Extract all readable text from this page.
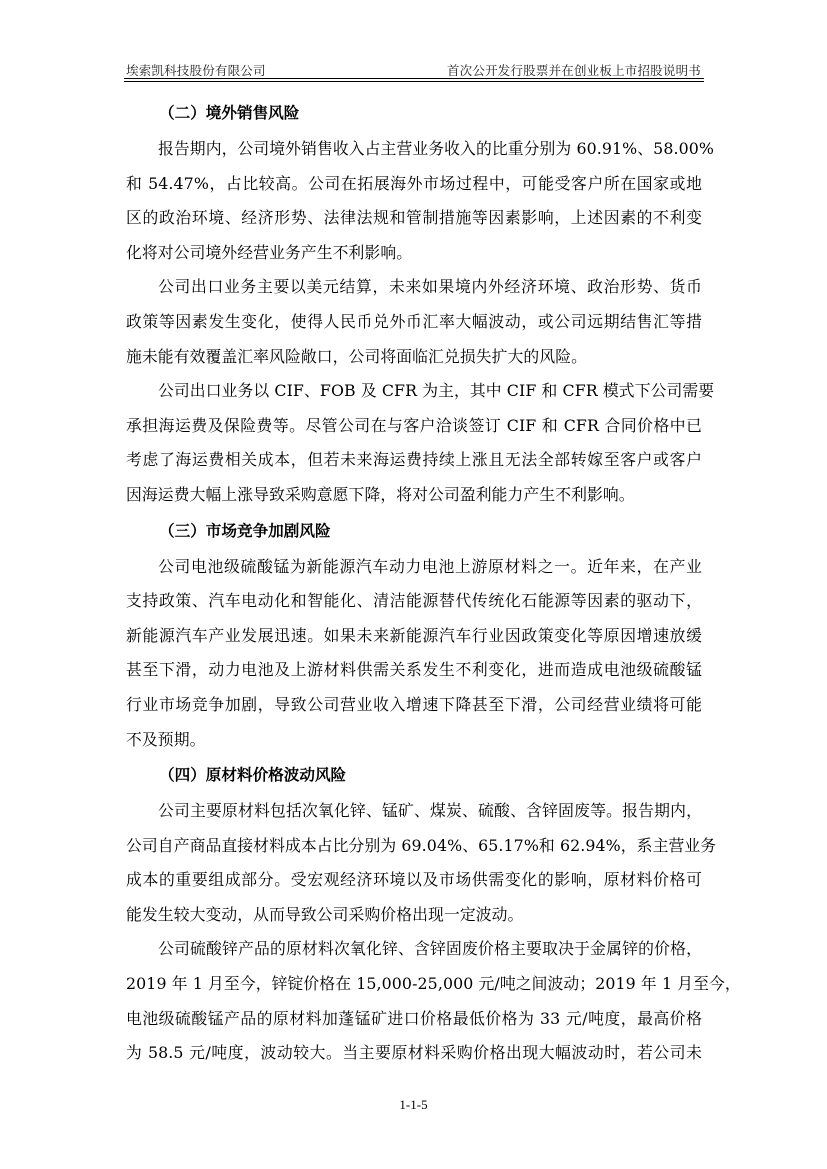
埃索凯科技股份有限公司	首次公开发行股票并在创业板上市招股说明书
（二）境外销售风险
报告期内，公司境外销售收入占主营业务收入的比重分别为 60.91%、58.00%
和 54.47%，占比较高。公司在拓展海外市场过程中，可能受客户所在国家或地
区的政治环境、经济形势、法律法规和管制措施等因素影响，上述因素的不利变
化将对公司境外经营业务产生不利影响。
公司出口业务主要以美元结算，未来如果境内外经济环境、政治形势、货币
政策等因素发生变化，使得人民币兑外币汇率大幅波动，或公司远期结售汇等措
施未能有效覆盖汇率风险敞口，公司将面临汇兑损失扩大的风险。
公司出口业务以 CIF、FOB 及 CFR 为主，其中 CIF 和 CFR 模式下公司需要
承担海运费及保险费等。尽管公司在与客户洽谈签订 CIF 和 CFR 合同价格中已
考虑了海运费相关成本，但若未来海运费持续上涨且无法全部转嫁至客户或客户
因海运费大幅上涨导致采购意愿下降，将对公司盈利能力产生不利影响。
（三）市场竞争加剧风险
公司电池级硫酸锰为新能源汽车动力电池上游原材料之一。近年来，在产业
支持政策、汽车电动化和智能化、清洁能源替代传统化石能源等因素的驱动下，
新能源汽车产业发展迅速。如果未来新能源汽车行业因政策变化等原因增速放缓
甚至下滑，动力电池及上游材料供需关系发生不利变化，进而造成电池级硫酸锰
行业市场竞争加剧，导致公司营业收入增速下降甚至下滑，公司经营业绩将可能
不及预期。
（四）原材料价格波动风险
公司主要原材料包括次氧化锌、锰矿、煤炭、硫酸、含锌固废等。报告期内，
公司自产商品直接材料成本占比分别为 69.04%、65.17%和 62.94%，系主营业务
成本的重要组成部分。受宏观经济环境以及市场供需变化的影响，原材料价格可
能发生较大变动，从而导致公司采购价格出现一定波动。
公司硫酸锌产品的原材料次氧化锌、含锌固废价格主要取决于金属锌的价格，
2019 年 1 月至今，锌锭价格在 15,000-25,000 元/吨之间波动；2019 年 1 月至今，
电池级硫酸锰产品的原材料加蓬锰矿进口价格最低价格为 33 元/吨度，最高价格
为 58.5 元/吨度，波动较大。当主要原材料采购价格出现大幅波动时，若公司未
1-1-5
